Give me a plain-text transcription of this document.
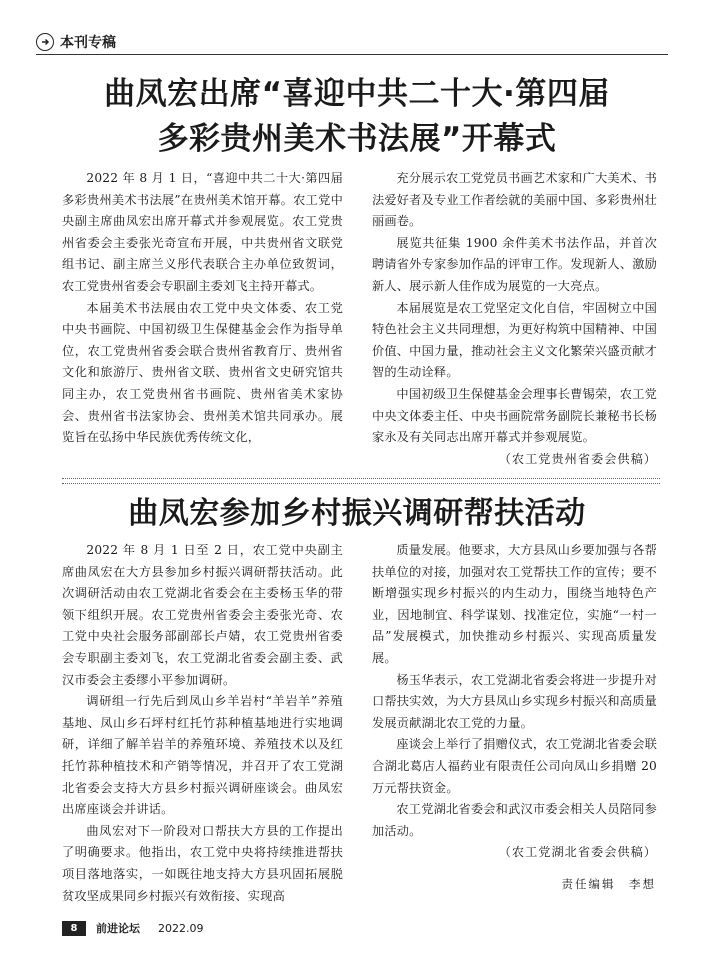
本刊专稿
曲凤宏出席“喜迎中共二十大·第四届
多彩贵州美术书法展”开幕式

2022 年 8 月 1 日，“喜迎中共二十大·第四届多彩贵州美术书法展”在贵州美术馆开幕。农工党中央副主席曲凤宏出席开幕式并参观展览。农工党贵州省委会主委张光奇宣布开展，中共贵州省文联党组书记、副主席兰义彤代表联合主办单位致贺词，农工党贵州省委会专职副主委刘飞主持开幕式。

本届美术书法展由农工党中央文体委、农工党中央书画院、中国初级卫生保健基金会作为指导单位，农工党贵州省委会联合贵州省教育厅、贵州省文化和旅游厅、贵州省文联、贵州省文史研究馆共同主办，农工党贵州省书画院、贵州省美术家协会、贵州省书法家协会、贵州美术馆共同承办。展览旨在弘扬中华民族优秀传统文化，

充分展示农工党党员书画艺术家和广大美术、书法爱好者及专业工作者绘就的美丽中国、多彩贵州壮丽画卷。

展览共征集 1900 余件美术书法作品，并首次聘请省外专家参加作品的评审工作。发现新人、激励新人、展示新人佳作成为展览的一大亮点。

本届展览是农工党坚定文化自信，牢固树立中国特色社会主义共同理想，为更好构筑中国精神、中国价值、中国力量，推动社会主义文化繁荣兴盛贡献才智的生动诠释。

中国初级卫生保健基金会理事长曹锡荣，农工党中央文体委主任、中央书画院常务副院长兼秘书长杨家永及有关同志出席开幕式并参观展览。

（农工党贵州省委会供稿）

曲凤宏参加乡村振兴调研帮扶活动

2022 年 8 月 1 日至 2 日，农工党中央副主席曲凤宏在大方县参加乡村振兴调研帮扶活动。此次调研活动由农工党湖北省委会在主委杨玉华的带领下组织开展。农工党贵州省委会主委张光奇、农工党中央社会服务部副部长卢婧，农工党贵州省委会专职副主委刘飞，农工党湖北省委会副主委、武汉市委会主委缪小平参加调研。

调研组一行先后到凤山乡羊岩村“羊岩羊”养殖基地、凤山乡石坪村红托竹荪种植基地进行实地调研，详细了解羊岩羊的养殖环境、养殖技术以及红托竹荪种植技术和产销等情况，并召开了农工党湖北省委会支持大方县乡村振兴调研座谈会。曲凤宏出席座谈会并讲话。

曲凤宏对下一阶段对口帮扶大方县的工作提出了明确要求。他指出，农工党中央将持续推进帮扶项目落地落实，一如既往地支持大方县巩固拓展脱贫攻坚成果同乡村振兴有效衔接、实现高

质量发展。他要求，大方县凤山乡要加强与各帮扶单位的对接，加强对农工党帮扶工作的宣传；要不断增强实现乡村振兴的内生动力，围绕当地特色产业，因地制宜、科学谋划、找准定位，实施“一村一品”发展模式，加快推动乡村振兴、实现高质量发展。

杨玉华表示，农工党湖北省委会将进一步提升对口帮扶实效，为大方县凤山乡实现乡村振兴和高质量发展贡献湖北农工党的力量。

座谈会上举行了捐赠仪式，农工党湖北省委会联合湖北葛店人福药业有限责任公司向凤山乡捐赠 20 万元帮扶资金。

农工党湖北省委会和武汉市委会相关人员陪同参加活动。

（农工党湖北省委会供稿）

责任编辑　李想
8	前进论坛 2022.09
